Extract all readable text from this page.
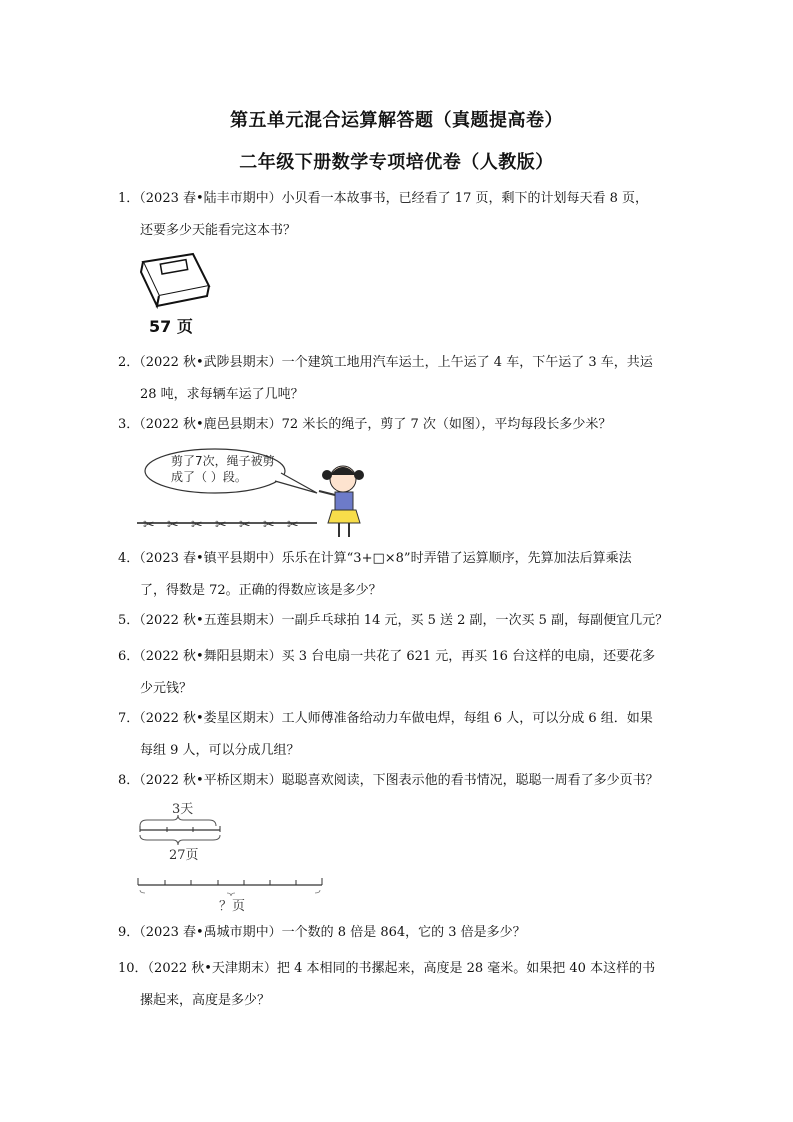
第五单元混合运算解答题（真题提高卷）
二年级下册数学专项培优卷（人教版）
1．（2023 春•陆丰市期中）小贝看一本故事书，已经看了 17 页，剩下的计划每天看 8 页，
还要多少天能看完这本书？
57 页
2．（2022 秋•武陟县期末）一个建筑工地用汽车运土，上午运了 4 车，下午运了 3 车，共运
28 吨，求每辆车运了几吨？
3．（2022 秋•鹿邑县期末）72 米长的绳子，剪了 7 次（如图），平均每段长多少米？
✂ ✂ ✂ ✂ ✂ ✂ ✂
剪了7次，绳子被剪
成了（ ）段。
4．（2023 春•镇平县期中）乐乐在计算“3+□×8”时弄错了运算顺序，先算加法后算乘法
了，得数是 72。正确的得数应该是多少？
5．（2022 秋•五莲县期末）一副乒乓球拍 14 元，买 5 送 2 副，一次买 5 副，每副便宜几元？
6．（2022 秋•舞阳县期末）买 3 台电扇一共花了 621 元，再买 16 台这样的电扇，还要花多
少元钱？
7．（2022 秋•娄星区期末）工人师傅准备给动力车做电焊，每组 6 人，可以分成 6 组．如果
每组 9 人，可以分成几组？
8．（2022 秋•平桥区期末）聪聪喜欢阅读，下图表示他的看书情况，聪聪一周看了多少页书？
3天
27页
？页
9．（2023 春•禹城市期中）一个数的 8 倍是 864，它的 3 倍是多少？
10．（2022 秋•天津期末）把 4 本相同的书摞起来，高度是 28 毫米。如果把 40 本这样的书
摞起来，高度是多少？
